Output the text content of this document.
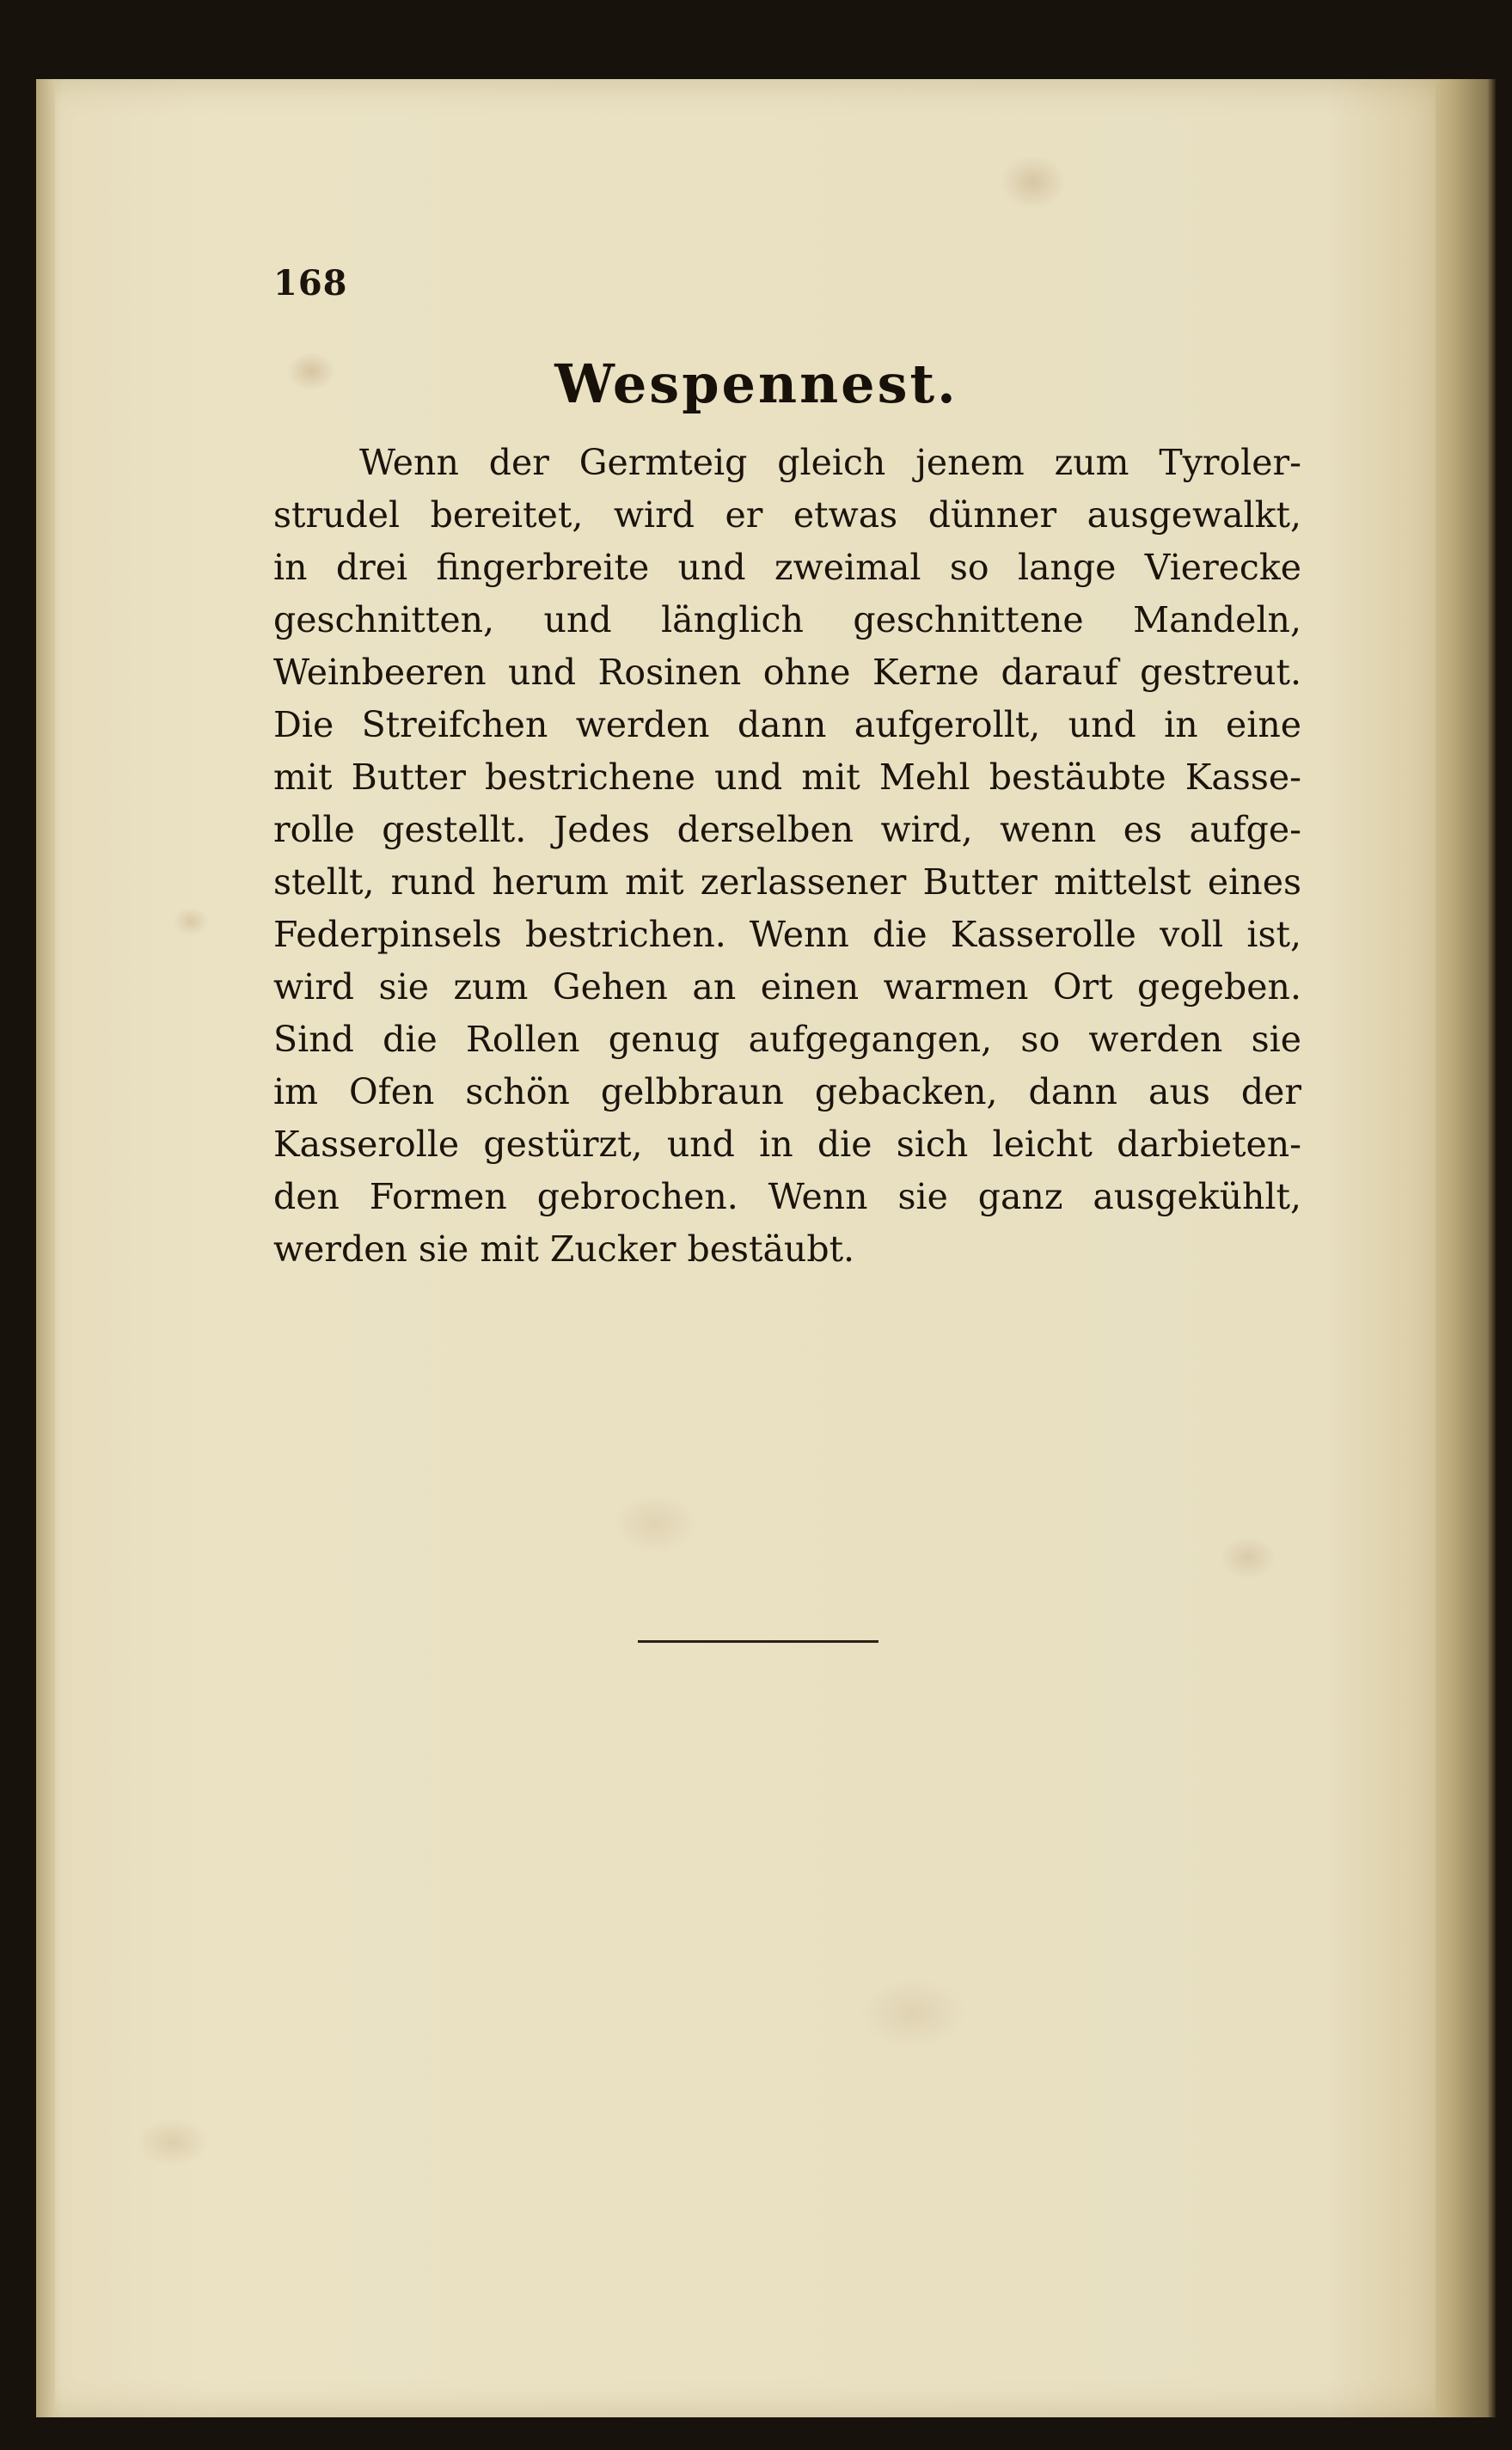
168
Wespennest.
Wenn der Germteig gleich jenem zum Tyroler-
strudel bereitet, wird er etwas dünner ausgewalkt,
in drei fingerbreite und zweimal so lange Vierecke
geschnitten, und länglich geschnittene Mandeln,
Weinbeeren und Rosinen ohne Kerne darauf gestreut.
Die Streifchen werden dann aufgerollt, und in eine
mit Butter bestrichene und mit Mehl bestäubte Kasse-
rolle gestellt. Jedes derselben wird, wenn es aufge-
stellt, rund herum mit zerlassener Butter mittelst eines
Federpinsels bestrichen. Wenn die Kasserolle voll ist,
wird sie zum Gehen an einen warmen Ort gegeben.
Sind die Rollen genug aufgegangen, so werden sie
im Ofen schön gelbbraun gebacken, dann aus der
Kasserolle gestürzt, und in die sich leicht darbieten-
den Formen gebrochen. Wenn sie ganz ausgekühlt,
werden sie mit Zucker bestäubt.
